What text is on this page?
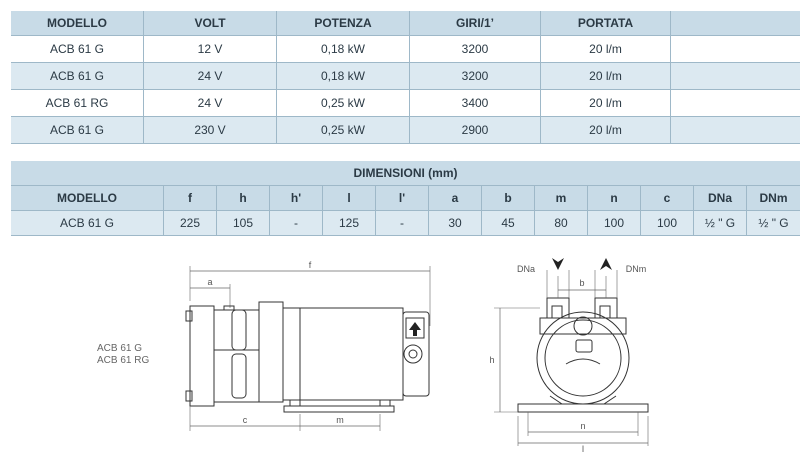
MODELLO	VOLT	POTENZA	GIRI/1’	PORTATA	
ACB 61 G	12 V	0,18 kW	3200	20 l/m	
ACB 61 G	24 V	0,18 kW	3200	20 l/m	
ACB 61 RG	24 V	0,25 kW	3400	20 l/m	
ACB 61 G	230 V	0,25 kW	2900	20 l/m	
DIMENSIONI (mm)												
MODELLO	f	h	h'	l	l'	a	b	m	n	c	DNa	DNm
ACB 61 G	225	105	-	125	-	30	45	80	100	100	½ " G	½ " G
ACB 61 G
ACB 61 RG
f
a
c	m
DNa	DNm
b
h
n
l
